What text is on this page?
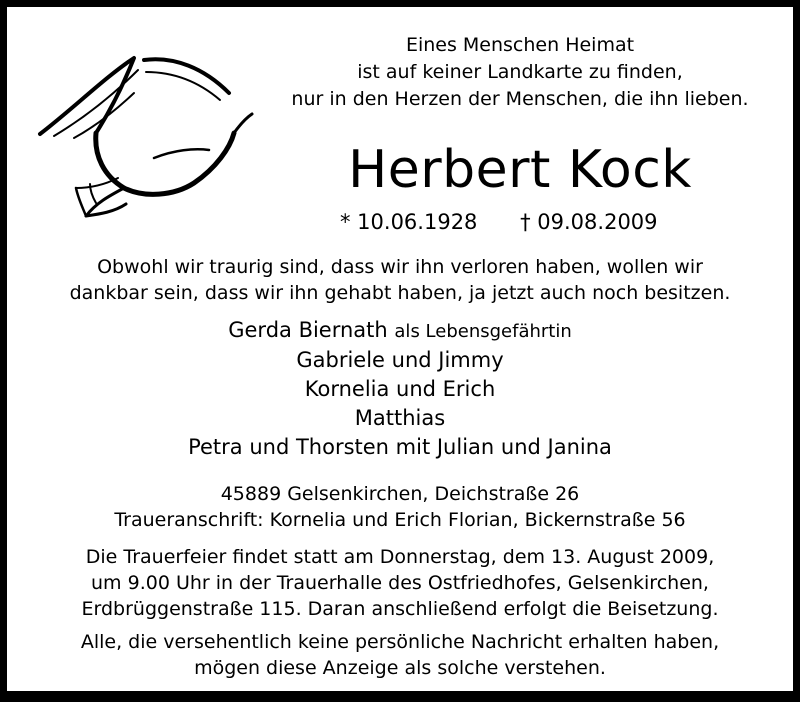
Eines Menschen Heimat
ist auf keiner Landkarte zu finden,
nur in den Herzen der Menschen, die ihn lieben.
Herbert Kock
* 10.06.1928 † 09.08.2009
Obwohl wir traurig sind, dass wir ihn verloren haben, wollen wir
dankbar sein, dass wir ihn gehabt haben, ja jetzt auch noch besitzen.
Gerda Biernath als Lebensgefährtin
Gabriele und Jimmy
Kornelia und Erich
Matthias
Petra und Thorsten mit Julian und Janina
45889 Gelsenkirchen, Deichstraße 26
Traueranschrift: Kornelia und Erich Florian, Bickernstraße 56
Die Trauerfeier findet statt am Donnerstag, dem 13. August 2009,
um 9.00 Uhr in der Trauerhalle des Ostfriedhofes, Gelsenkirchen,
Erdbrüggenstraße 115. Daran anschließend erfolgt die Beisetzung.
Alle, die versehentlich keine persönliche Nachricht erhalten haben,
mögen diese Anzeige als solche verstehen.
